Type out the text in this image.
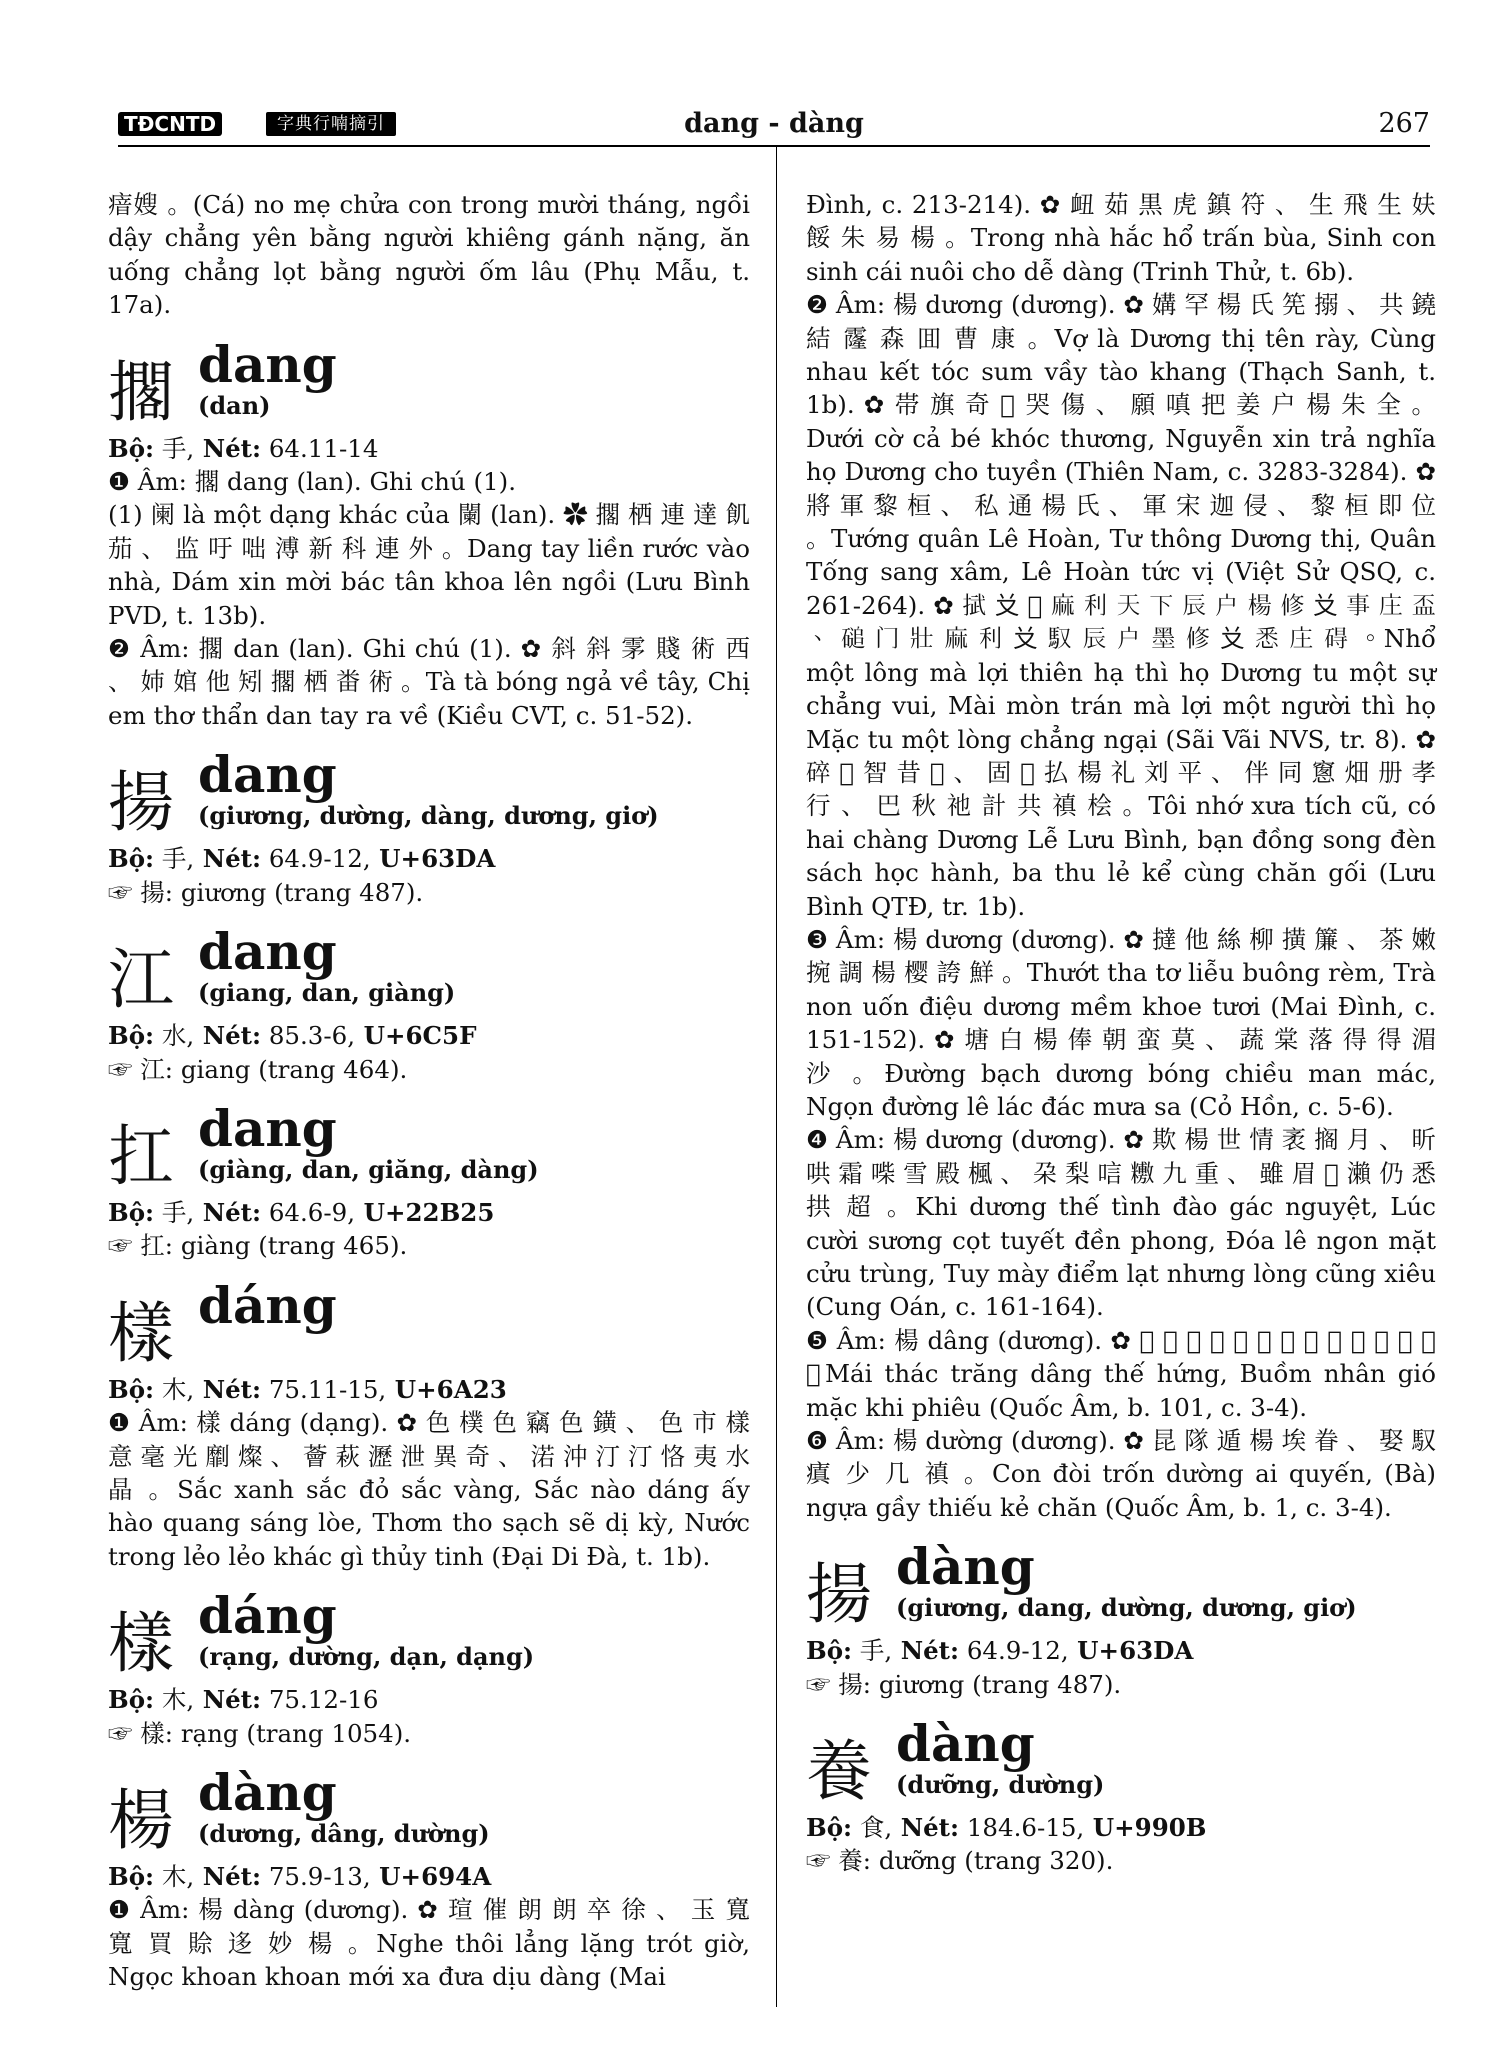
TĐCNTD	字典行喃摘引	dang - dàng	267

瘖嫂 。(Cá) no mẹ chửa con trong mười tháng, ngồi dậy chẳng yên bằng người khiêng gánh nặng, ăn uống chẳng lọt bằng người ốm lâu (Phụ Mẫu, t. 17a).

擱 dang
(dan)

Bộ: 手, Nét: 64.11-14

❶ Âm: 擱 dang (lan). Ghi chú (1).

(1) 阑 là một dạng khác của 闌 (lan). ✿ 擱 栖 連 達 飢 茄 、 监 吁 咄 溥 新 科 連 外 。Dang tay liền rước vào nhà, Dám xin mời bác tân khoa lên ngồi (Lưu Bình PVD, t. 13b).

❷ Âm: 擱 dan (lan). Ghi chú (1). ✿ 斜 斜 雺 賤 術 西 、 姉 婠 他 矧 擱 栖 畨 術 。Tà tà bóng ngả về tây, Chị em thơ thẩn dan tay ra về (Kiều CVT, c. 51-52).

揚 dang
(giương, dường, dàng, dương, giơ)

Bộ: 手, Nét: 64.9-12, U+63DA

☞ 揚: giương (trang 487).

江 dang
(giang, dan, giàng)

Bộ: 水, Nét: 85.3-6, U+6C5F

☞ 江: giang (trang 464).

扛 dang
(giàng, dan, giăng, dàng)

Bộ: 手, Nét: 64.6-9, U+22B25

☞ 扛: giàng (trang 465).

樣 dáng

Bộ: 木, Nét: 75.11-15, U+6A23

❶ Âm: 樣 dáng (dạng). ✿ 色 樸 色 竊 色 鐄 、 色 市 樣 意 毫 光 劘 燦 、 薈 萩 瀝 泄 異 奇 、 渃 沖 汀 汀 恪 夷 水 晶 。Sắc xanh sắc đỏ sắc vàng, Sắc nào dáng ấy hào quang sáng lòe, Thơm tho sạch sẽ dị kỳ, Nước trong lẻo lẻo khác gì thủy tinh (Đại Di Đà, t. 1b).

樣 dáng
(rạng, dường, dạn, dạng)

Bộ: 木, Nét: 75.12-16

☞ 樣: rạng (trang 1054).

楊 dàng
(dương, dâng, dường)

Bộ: 木, Nét: 75.9-13, U+694A

❶ Âm: 楊 dàng (dương). ✿ 瑄 催 朗 朗 卒 徐 、 玉 寬 寬 買 賒 迻 妙 楊 。Nghe thôi lẳng lặng trót giờ, Ngọc khoan khoan mới xa đưa dịu dàng (Mai

Đình, c. 213-214). ✿ 衄 茹 黒 虎 鎮 符 、 生 飛 生 妋 餒 朱 易 楊 。Trong nhà hắc hổ trấn bùa, Sinh con sinh cái nuôi cho dễ dàng (Trinh Thử, t. 6b).

❷ Âm: 楊 dương (dương). ✿ 媾 罕 楊 氏 筅 搦 、 共 鐃 結 霳 森 囬 曹 康 。Vợ là Dương thị tên rày, Cùng nhau kết tóc sum vầy tào khang (Thạch Sanh, t. 1b). ✿ 帯 旗 奇 𠇇 哭 傷 、 願 嗔 把 姜 户 楊 朱 全 。Dưới cờ cả bé khóc thương, Nguyễn xin trả nghĩa họ Dương cho tuyền (Thiên Nam, c. 3283-3284). ✿ 將 軍 黎 桓 、 私 通 楊 氏 、 軍 宋 迦 侵 、 黎 桓 即 位 。Tướng quân Lê Hoàn, Tư thông Dương thị, Quân Tống sang xâm, Lê Hoàn tức vị (Việt Sử QSQ, c. 261-264). ✿ 𢯞 𠬠 𩯀 麻 利 天 下 辰 户 楊 修 𠬠 事 庄 盃 、 磓 门 壯 麻 利 𠬠 馭 辰 户 墨 修 𠬠 悉 庄 碍 。Nhổ một lông mà lợi thiên hạ thì họ Dương tu một sự chẳng vui, Mài mòn trán mà lợi một người thì họ Mặc tu một lòng chẳng ngại (Sãi Vãi NVS, tr. 8). ✿ 碎 𢝙 智 昔 𡅳 、 固 𠀧 払 楊 礼 刘 平 、 伴 同 窻 畑 册 孝 行 、 巴 秋 祂 計 共 禛 桧 。Tôi nhớ xưa tích cũ, có hai chàng Dương Lễ Lưu Bình, bạn đồng song đèn sách học hành, ba thu lẻ kể cùng chăn gối (Lưu Bình QTĐ, tr. 1b).

❸ Âm: 楊 dương (dương). ✿ 撻 他 絲 柳 撗 簾 、 茶 嫩 捥 調 楊 樱 誇 鮮 。Thướt tha tơ liễu buông rèm, Trà non uốn điệu dương mềm khoe tươi (Mai Đình, c. 151-152). ✿ 塘 白 楊 俸 朝 蛮 莫 、 蔬 棠 落 得 得 湄 沙 。Đường bạch dương bóng chiều man mác, Ngọn đường lê lác đác mưa sa (Cỏ Hồn, c. 5-6).

❹ Âm: 楊 dương (dương). ✿ 欺 楊 世 情 袤 搁 月 、 昕 哄 霜 喍 雪 殿 楓 、 朶 梨 唁 𥼼 九 重 、 雖 眉 𥘀 瀨 仍 悉 拱 超 。Khi dương thế tình đào gác nguyệt, Lúc cười sương cọt tuyết đền phong, Đóa lê ngon mặt cửu trùng, Tuy mày điểm lạt nhưng lòng cũng xiêu (Cung Oán, c. 161-164).

❺ Âm: 楊 dâng (dương). ✿ 𣘃 托 㬉 楊 吻 興 、 帆 因 𩙍 默 欺 漂 。Mái thác trăng dâng thế hứng, Buồm nhân gió mặc khi phiêu (Quốc Âm, b. 101, c. 3-4).

❻ Âm: 楊 dường (dương). ✿ 昆 隊 遁 楊 埃 眷 、 娶 馭 瘨 少 几 禛 。Con đòi trốn dường ai quyến, (Bà) ngựa gầy thiếu kẻ chăn (Quốc Âm, b. 1, c. 3-4).

揚 dàng
(giương, dang, dường, dương, giơ)

Bộ: 手, Nét: 64.9-12, U+63DA

☞ 揚: giương (trang 487).

養 dàng
(dưỡng, dường)

Bộ: 食, Nét: 184.6-15, U+990B

☞ 養: dưỡng (trang 320).
